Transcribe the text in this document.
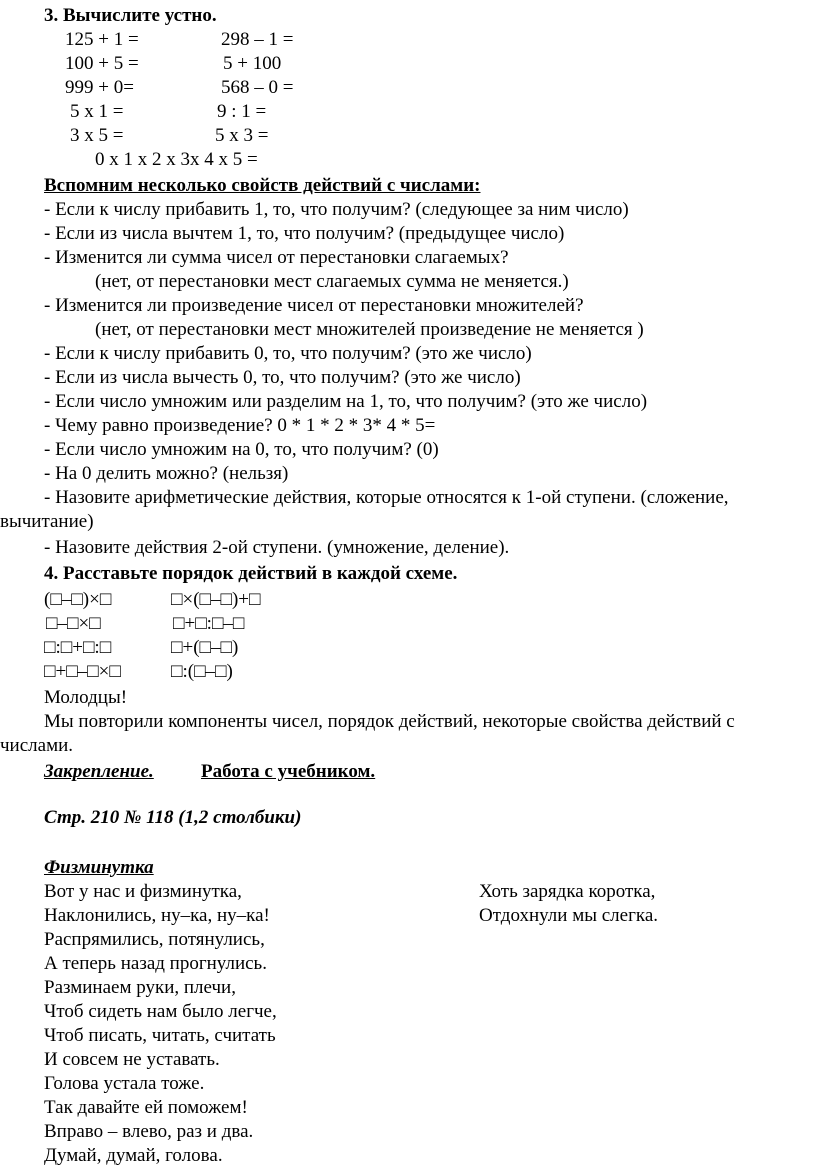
3. Вычислите устно.
125 + 1 =	298 – 1 =
100 + 5 =	5 + 100
999 + 0=	568 – 0 =
5 x 1 =	9 : 1 =
3 x 5 =	5 x 3 =
0 x 1 x 2 x 3x 4 x 5 =
Вспомним несколько свойств действий с числами:
- Если к числу прибавить 1, то, что получим? (следующее за ним число)
- Если из числа вычтем 1, то, что получим? (предыдущее число)
- Изменится ли сумма чисел от перестановки слагаемых?
(нет, от перестановки мест слагаемых сумма не меняется.)
- Изменится ли произведение чисел от перестановки множителей?
(нет, от перестановки мест множителей произведение не меняется )
- Если к числу прибавить 0, то, что получим? (это же число)
- Если из числа вычесть 0, то, что получим? (это же число)
- Если число умножим или разделим на 1, то, что получим? (это же число)
- Чему равно произведение? 0 * 1 * 2 * 3* 4 * 5=
- Если число умножим на 0, то, что получим? (0)
- На 0 делить можно? (нельзя)
- Назовите арифметические действия, которые относятся к 1-ой ступени. (сложение,
вычитание)
- Назовите действия 2-ой ступени. (умножение, деление).
4. Расставьте порядок действий в каждой схеме.
(□–□)×□	□×(□–□)+□
□–□×□	□+□:□–□
□:□+□:□	□+(□–□)
□+□–□×□	□:(□–□)
Молодцы!
Мы повторили компоненты чисел, порядок действий, некоторые свойства действий с
числами.
Закрепление. Работа с учебником.
Стр. 210 № 118 (1,2 столбики)
Физминутка
Вот у нас и физминутка,
Наклонились, ну–ка, ну–ка!
Распрямились, потянулись,
А теперь назад прогнулись.
Разминаем руки, плечи,
Чтоб сидеть нам было легче,
Чтоб писать, читать, считать
И совсем не уставать.
Голова устала тоже.
Так давайте ей поможем!
Вправо – влево, раз и два.
Думай, думай, голова.
Хоть зарядка коротка,
Отдохнули мы слегка.
